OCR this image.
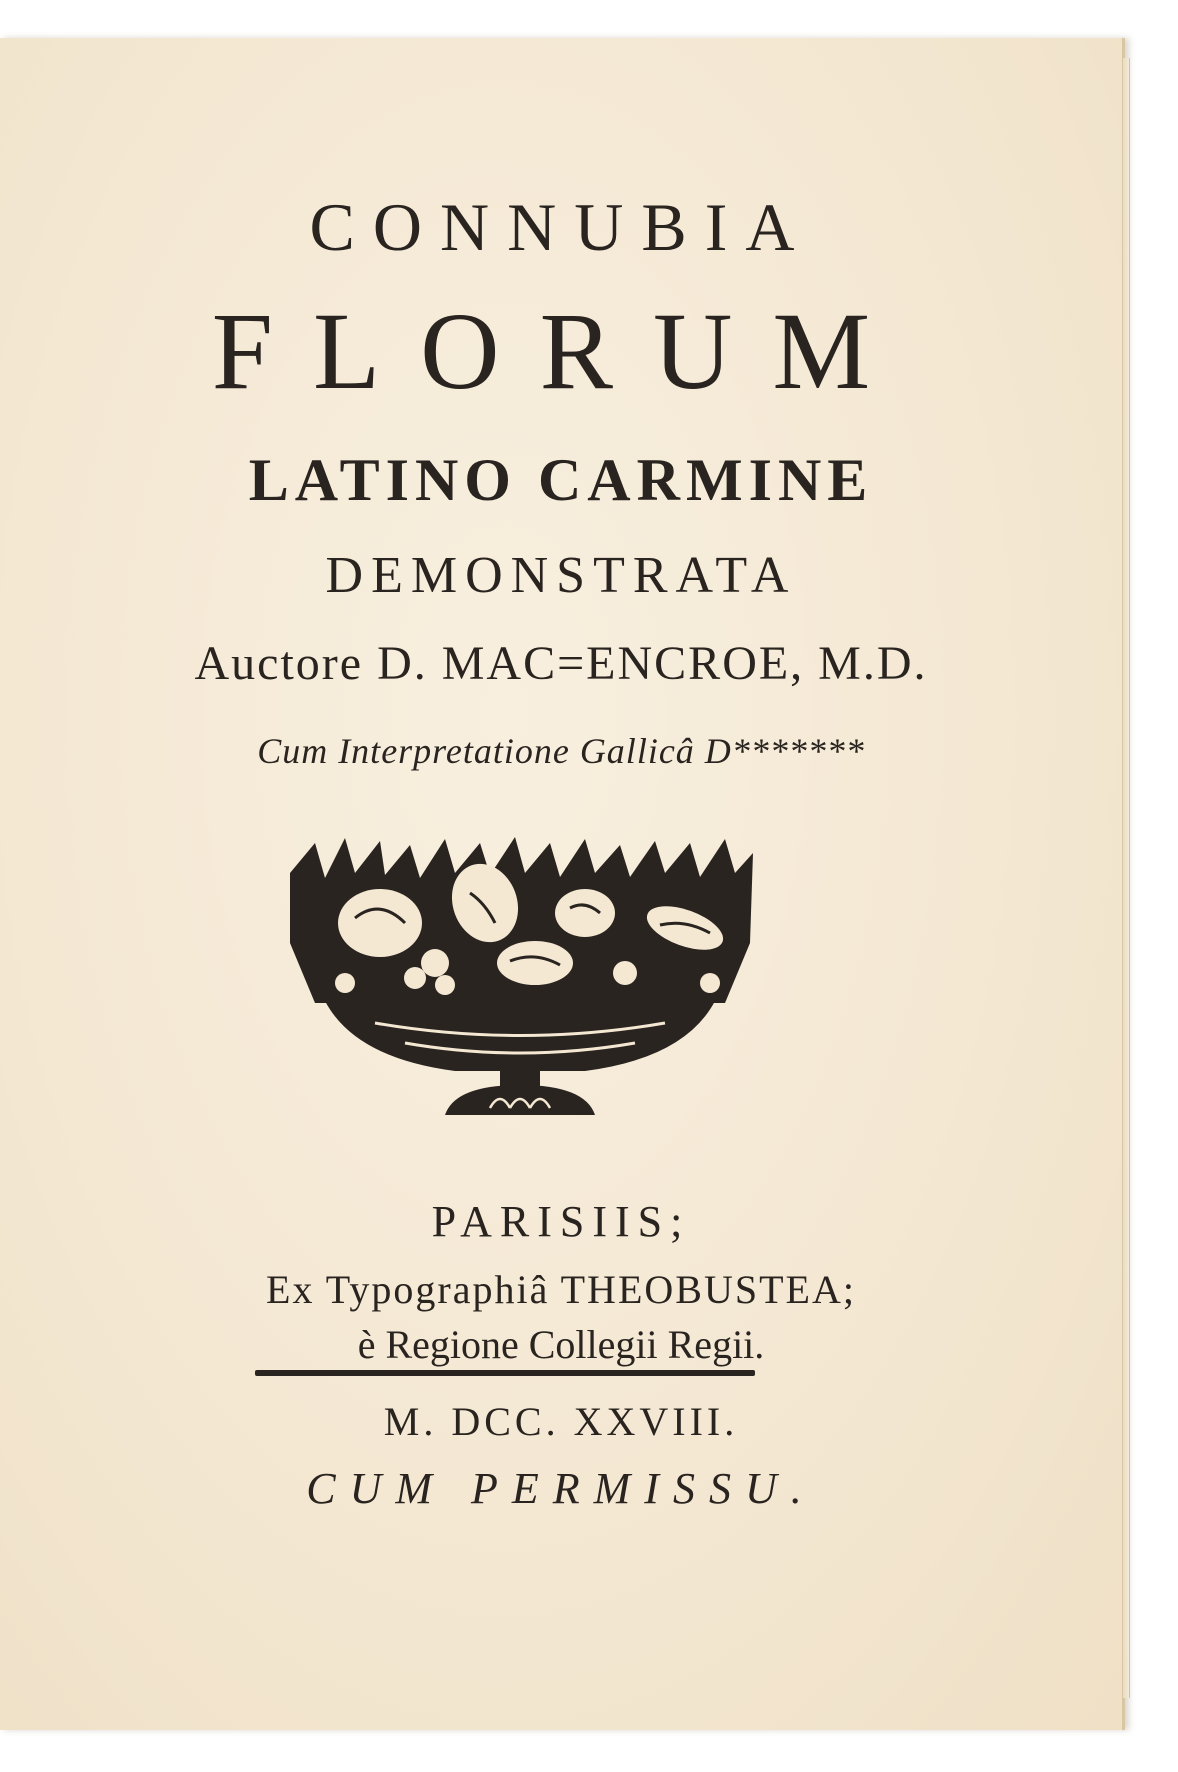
CONNUBIA
FLORUM
LATINO CARMINE
DEMONSTRATA
Auctore D. MAC=ENCROE, M.D.
Cum Interpretatione Gallicâ D*******
PARISIIS;
Ex Typographiâ THEOBUSTEA;
è Regione Collegii Regii.
M. DCC. XXVIII.
CUM PERMISSU.
